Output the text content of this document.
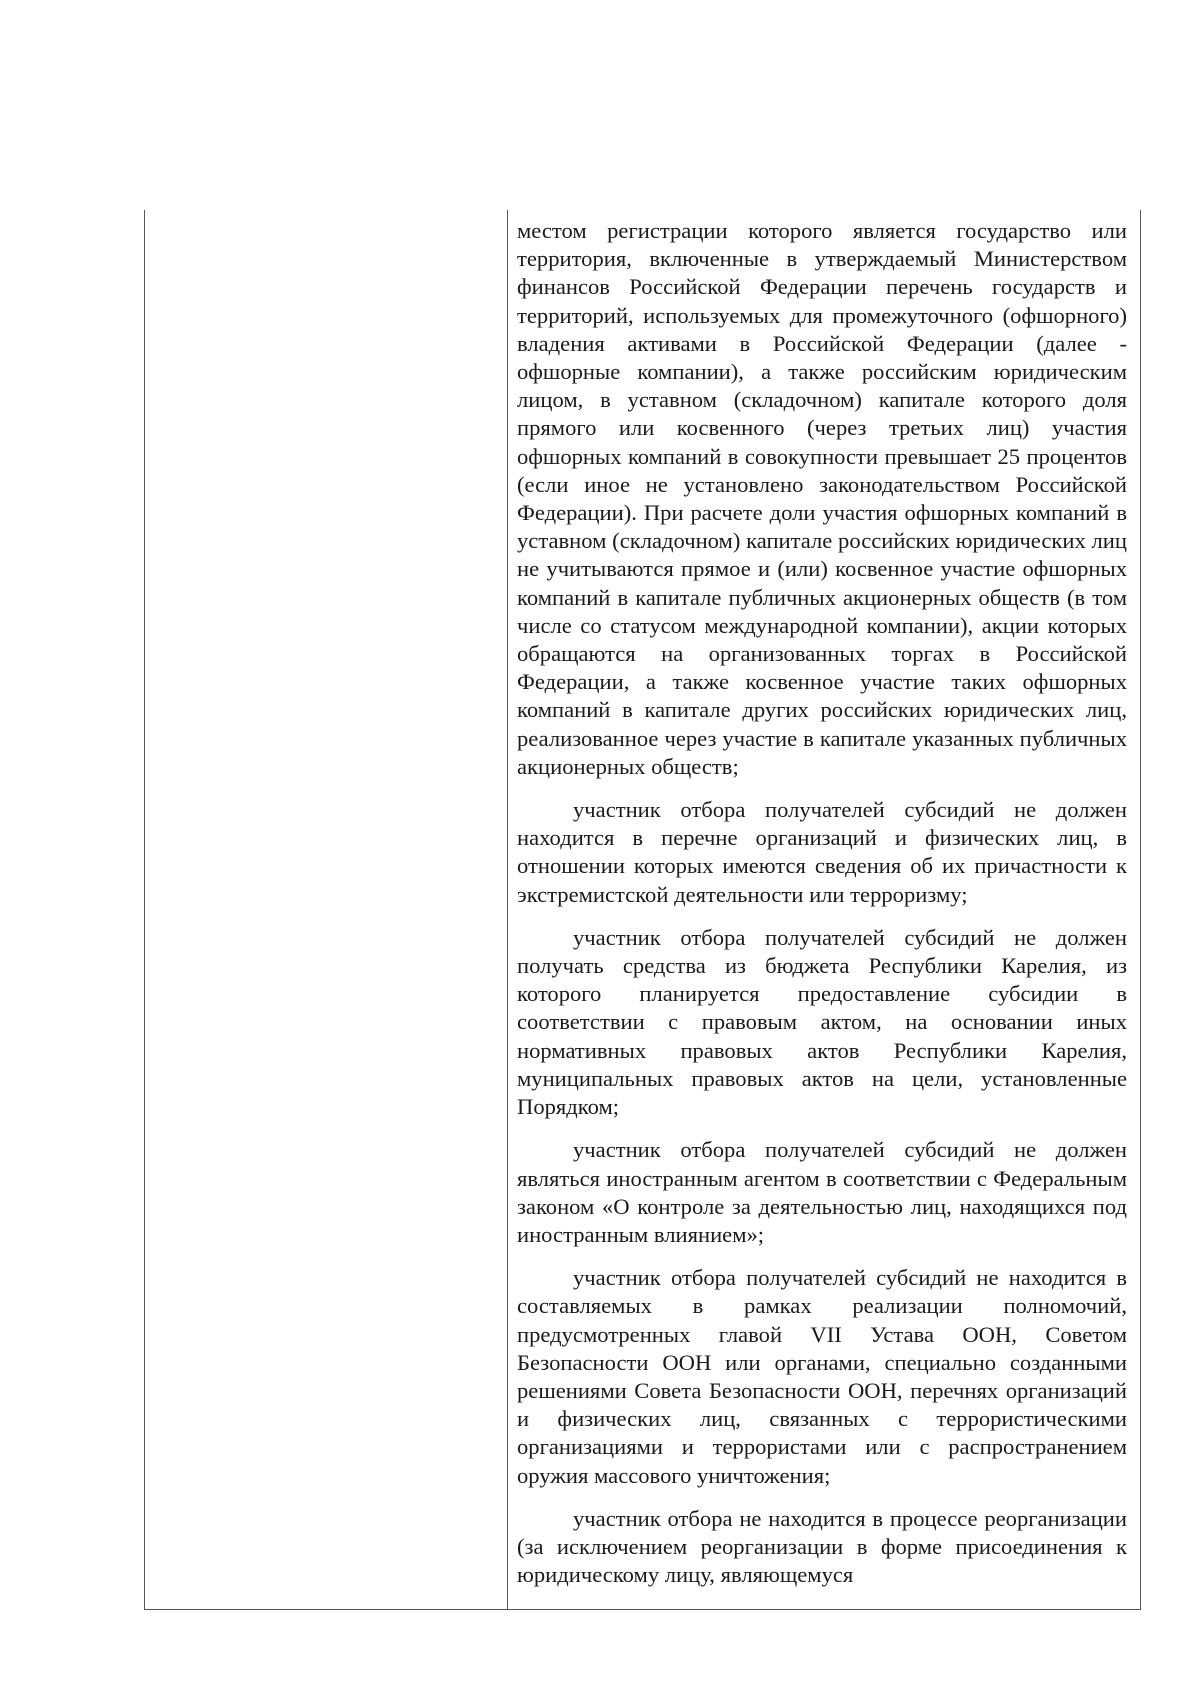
местом регистрации которого является государство или территория, включенные в утверждаемый Министерством финансов Российской Федерации перечень государств и территорий, используемых для промежуточного (офшорного) владения активами в Российской Федерации (далее - офшорные компании), а также российским юридическим лицом, в уставном (складочном) капитале которого доля прямого или косвенного (через третьих лиц) участия офшорных компаний в совокупности превышает 25 процентов (если иное не установлено законодательством Российской Федерации). При расчете доли участия офшорных компаний в уставном (складочном) капитале российских юридических лиц не учитываются прямое и (или) косвенное участие офшорных компаний в капитале публичных акционерных обществ (в том числе со статусом международной компании), акции которых обращаются на организованных торгах в Российской Федерации, а также косвенное участие таких офшорных компаний в капитале других российских юридических лиц, реализованное через участие в капитале указанных публичных акционерных обществ;

участник отбора получателей субсидий не должен находится в перечне организаций и физических лиц, в отношении которых имеются сведения об их причастности к экстремистской деятельности или терроризму;

участник отбора получателей субсидий не должен получать средства из бюджета Республики Карелия, из которого планируется предоставление субсидии в соответствии с правовым актом, на основании иных нормативных правовых актов Республики Карелия, муниципальных правовых актов на цели, установленные Порядком;

участник отбора получателей субсидий не должен являться иностранным агентом в соответствии с Федеральным законом «О контроле за деятельностью лиц, находящихся под иностранным влиянием»;

участник отбора получателей субсидий не находится в составляемых в рамках реализации полномочий, предусмотренных главой VII Устава ООН, Советом Безопасности ООН или органами, специально созданными решениями Совета Безопасности ООН, перечнях организаций и физических лиц, связанных с террористическими организациями и террористами или с распространением оружия массового уничтожения;

участник отбора не находится в процессе реорганизации (за исключением реорганизации в форме присоединения к юридическому лицу, являющемуся
